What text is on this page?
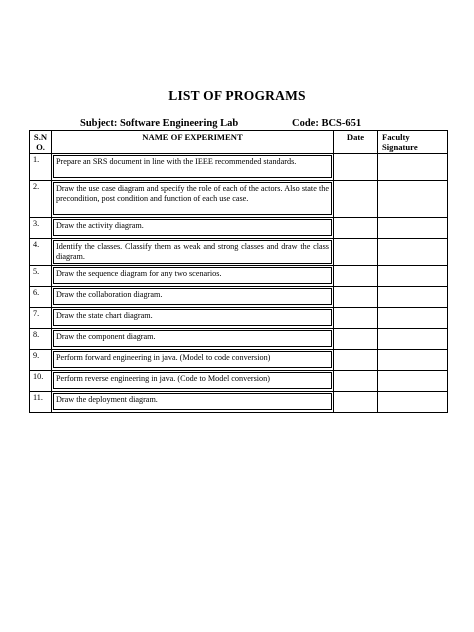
LIST OF PROGRAMS
Subject: Software Engineering Lab	Code: BCS-651
S.N O.	NAME OF EXPERIMENT	Date	Faculty Signature
1.	Prepare an SRS document in line with the IEEE recommended standards.		

2.	Draw the use case diagram and specify the role of each of the actors. Also state the precondition, post condition and function of each use case.		

3.	Draw the activity diagram.		

4.	Identify the classes. Classify them as weak and strong classes and draw the class diagram.		

5.	Draw the sequence diagram for any two scenarios.		

6.	Draw the collaboration diagram.		

7.	Draw the state chart diagram.		

8.	Draw the component diagram.		

9.	Perform forward engineering in java. (Model to code conversion)		

10.	Perform reverse engineering in java. (Code to Model conversion)		

11.	Draw the deployment diagram.		
